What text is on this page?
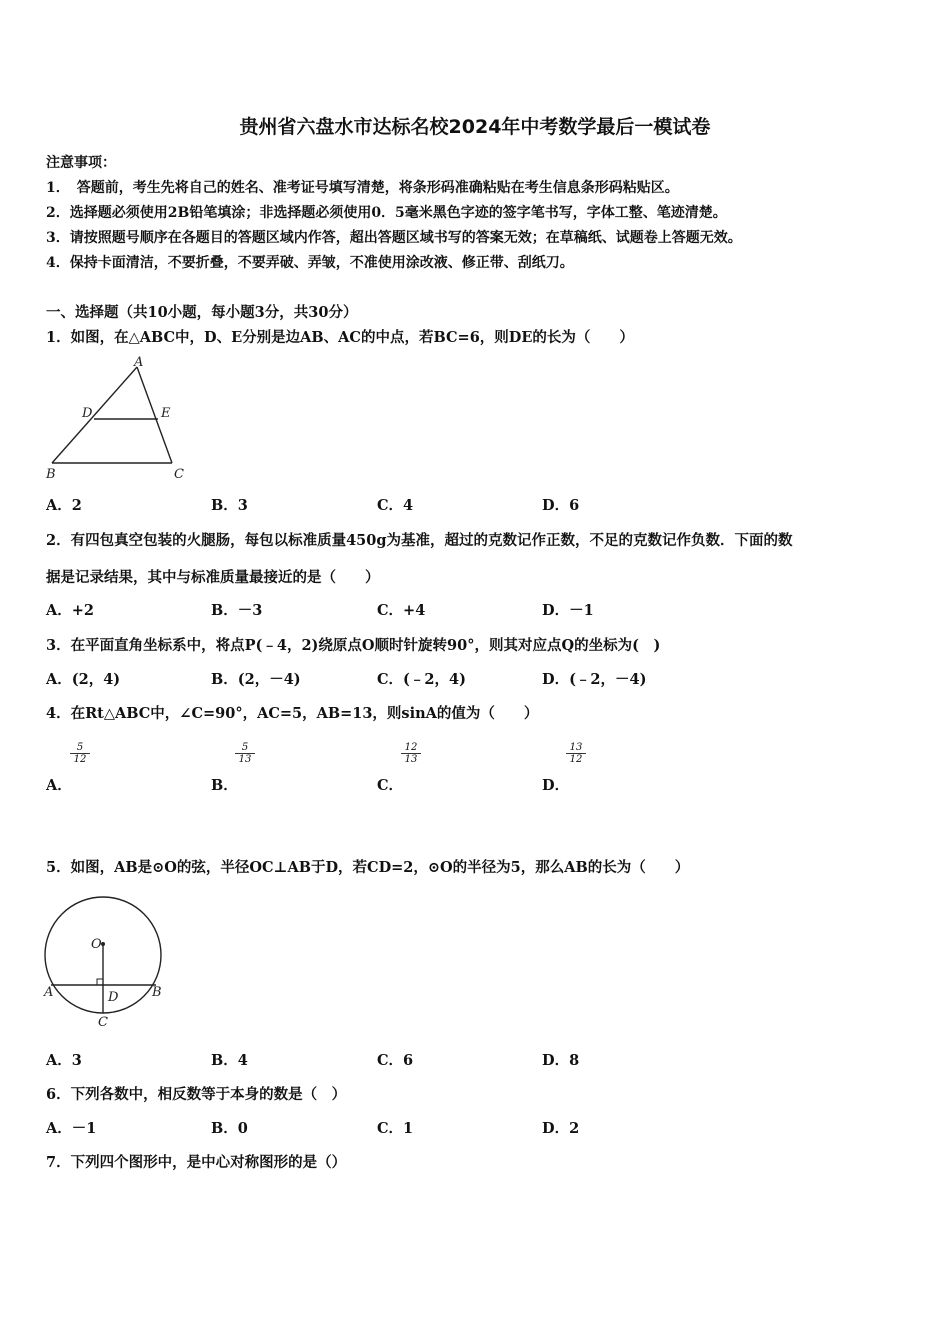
贵州省六盘水市达标名校2024年中考数学最后一模试卷
注意事项：
1．　答题前，考生先将自己的姓名、准考证号填写清楚，将条形码准确粘贴在考生信息条形码粘贴区。
2．选择题必须使用2B铅笔填涂；非选择题必须使用0．5毫米黑色字迹的签字笔书写，字体工整、笔迹清楚。
3．请按照题号顺序在各题目的答题区域内作答，超出答题区域书写的答案无效；在草稿纸、试题卷上答题无效。
4．保持卡面清洁，不要折叠，不要弄破、弄皱，不准使用涂改液、修正带、刮纸刀。
一、选择题（共10小题，每小题3分，共30分）
1．如图，在△ABC中，D、E分别是边AB、AC的中点，若BC=6，则DE的长为（　　）
A
D	E
B	C
A．2	B．3	C．4	D．6
2．有四包真空包装的火腿肠，每包以标准质量450g为基准，超过的克数记作正数，不足的克数记作负数．下面的数
据是记录结果，其中与标准质量最接近的是（　　）
A．+2	B．－3	C．+4	D．－1
3．在平面直角坐标系中，将点P(﹣4，2)绕原点O顺时针旋转90°，则其对应点Q的坐标为(　)
A．(2，4)	B．(2，－4)	C．(﹣2，4)	D．(﹣2，－4)
4．在Rt△ABC中，∠C=90°，AC=5，AB=13，则sinA的值为（　　）
A．
$\frac{5}{12}$
B．
$\frac{5}{13}$
C．
$\frac{12}{13}$
D．
$\frac{13}{12}$
5．如图，AB是⊙O的弦，半径OC⊥AB于D，若CD=2，⊙O的半径为5，那么AB的长为（　　）
O
A	B
D
C
A．3	B．4	C．6	D．8
6．下列各数中，相反数等于本身的数是（　）
A．－1	B．0	C．1	D．2
7．下列四个图形中，是中心对称图形的是（）
